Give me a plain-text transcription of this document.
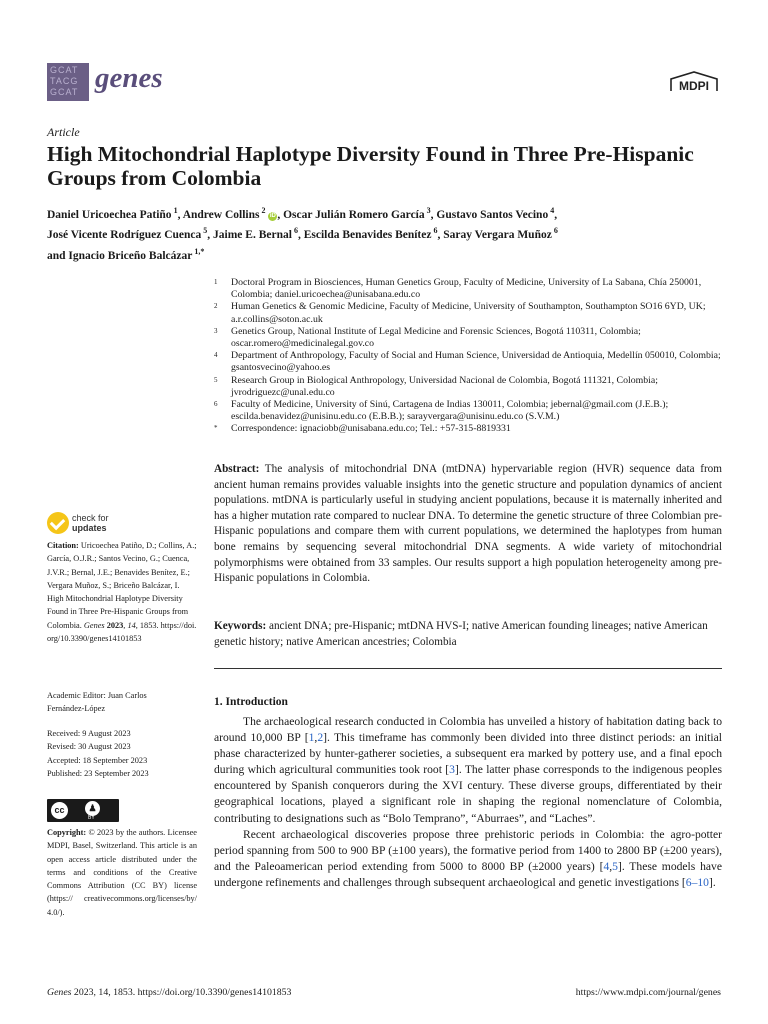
GCAT
TACG
GCAT genes	MDPI
Article
High Mitochondrial Haplotype Diversity Found in Three Pre-Hispanic Groups from Colombia
Daniel Uricoechea Patiño $^1$, Andrew Collins $^2$ iD , Oscar Julián Romero García $^3$, Gustavo Santos Vecino $^4$,
José Vicente Rodríguez Cuenca $^5$, Jaime E. Bernal $^6$, Escilda Benavides Benítez $^6$, Saray Vergara Muñoz $^6$
and Ignacio Briceño Balcázar $^{1,*}$
1	Doctoral Program in Biosciences, Human Genetics Group, Faculty of Medicine, University of La Sabana, Chía 250001, Colombia; daniel.uricoechea@unisabana.edu.co
2	Human Genetics & Genomic Medicine, Faculty of Medicine, University of Southampton, Southampton SO16 6YD, UK; a.r.collins@soton.ac.uk
3	Genetics Group, National Institute of Legal Medicine and Forensic Sciences, Bogotá 110311, Colombia; oscar.romero@medicinalegal.gov.co
4	Department of Anthropology, Faculty of Social and Human Science, Universidad de Antioquia, Medellín 050010, Colombia; gsantosvecino@yahoo.es
5	Research Group in Biological Anthropology, Universidad Nacional de Colombia, Bogotá 111321, Colombia; jvrodriguezc@unal.edu.co
6	Faculty of Medicine, University of Sinú, Cartagena de Indias 130011, Colombia; jebernal@gmail.com (J.E.B.); escilda.benavidez@unisinu.edu.co (E.B.B.); sarayvergara@unisinu.edu.co (S.V.M.)
*	Correspondence: ignaciobb@unisabana.edu.co; Tel.: +57-315-8819331
Abstract: The analysis of mitochondrial DNA (mtDNA) hypervariable region (HVR) sequence data from ancient human remains provides valuable insights into the genetic structure and population dynamics of ancient populations. mtDNA is particularly useful in studying ancient populations, because it is maternally inherited and has a higher mutation rate compared to nuclear DNA. To determine the genetic structure of three Colombian pre-Hispanic populations and compare them with current populations, we determined the haplotypes from human bone remains by sequencing several mitochondrial DNA segments. A wide variety of mitochondrial polymorphisms were obtained from 33 samples. Our results support a high population heterogeneity among pre-Hispanic populations in Colombia.
Keywords: ancient DNA; pre-Hispanic; mtDNA HVS-I; native American founding lineages; native American genetic history; native American ancestries; Colombia
1. Introduction

The archaeological research conducted in Colombia has unveiled a history of habitation dating back to around 10,000 BP [1,2]. This timeframe has commonly been divided into three distinct periods: an initial phase characterized by hunter-gatherer societies, a subsequent era marked by pottery use, and a final epoch during which agricultural communities took root [3]. The latter phase corresponds to the indigenous peoples encountered by Spanish conquerors during the XVI century. These diverse groups, differentiated by their geographical locations, played a significant role in shaping the regional nomenclature of Colombia, contributing to designations such as “Bolo Temprano”, “Aburraes”, and “Laches”.

Recent archaeological discoveries propose three prehistoric periods in Colombia: the agro-potter period spanning from 500 to 900 BP (±100 years), the formative period from 1400 to 2800 BP (±200 years), and the Paleoamerican period extending from 5000 to 8000 BP (±2000 years) [4,5]. These models have undergone refinements and challenges through subsequent archaeological and genetic investigations [6–10].

check for
updates
Citation: Uricoechea Patiño, D.; Collins, A.; García, O.J.R.; Santos Vecino, G.; Cuenca, J.V.R.; Bernal, J.E.; Benavides Benítez, E.; Vergara Muñoz, S.; Briceño Balcázar, I. High Mitochondrial Haplotype Diversity Found in Three Pre-Hispanic Groups from Colombia. Genes 2023, 14, 1853. https://doi.org/10.3390/genes14101853
Academic Editor: Juan Carlos Fernández-López
Received: 9 August 2023
Revised: 30 August 2023
Accepted: 18 September 2023
Published: 23 September 2023
cc	♟
BY
Copyright: © 2023 by the authors. Licensee MDPI, Basel, Switzerland. This article is an open access article distributed under the terms and conditions of the Creative Commons Attribution (CC BY) license (https:// creativecommons.org/licenses/by/ 4.0/).
Genes 2023, 14, 1853. https://doi.org/10.3390/genes14101853	https://www.mdpi.com/journal/genes
